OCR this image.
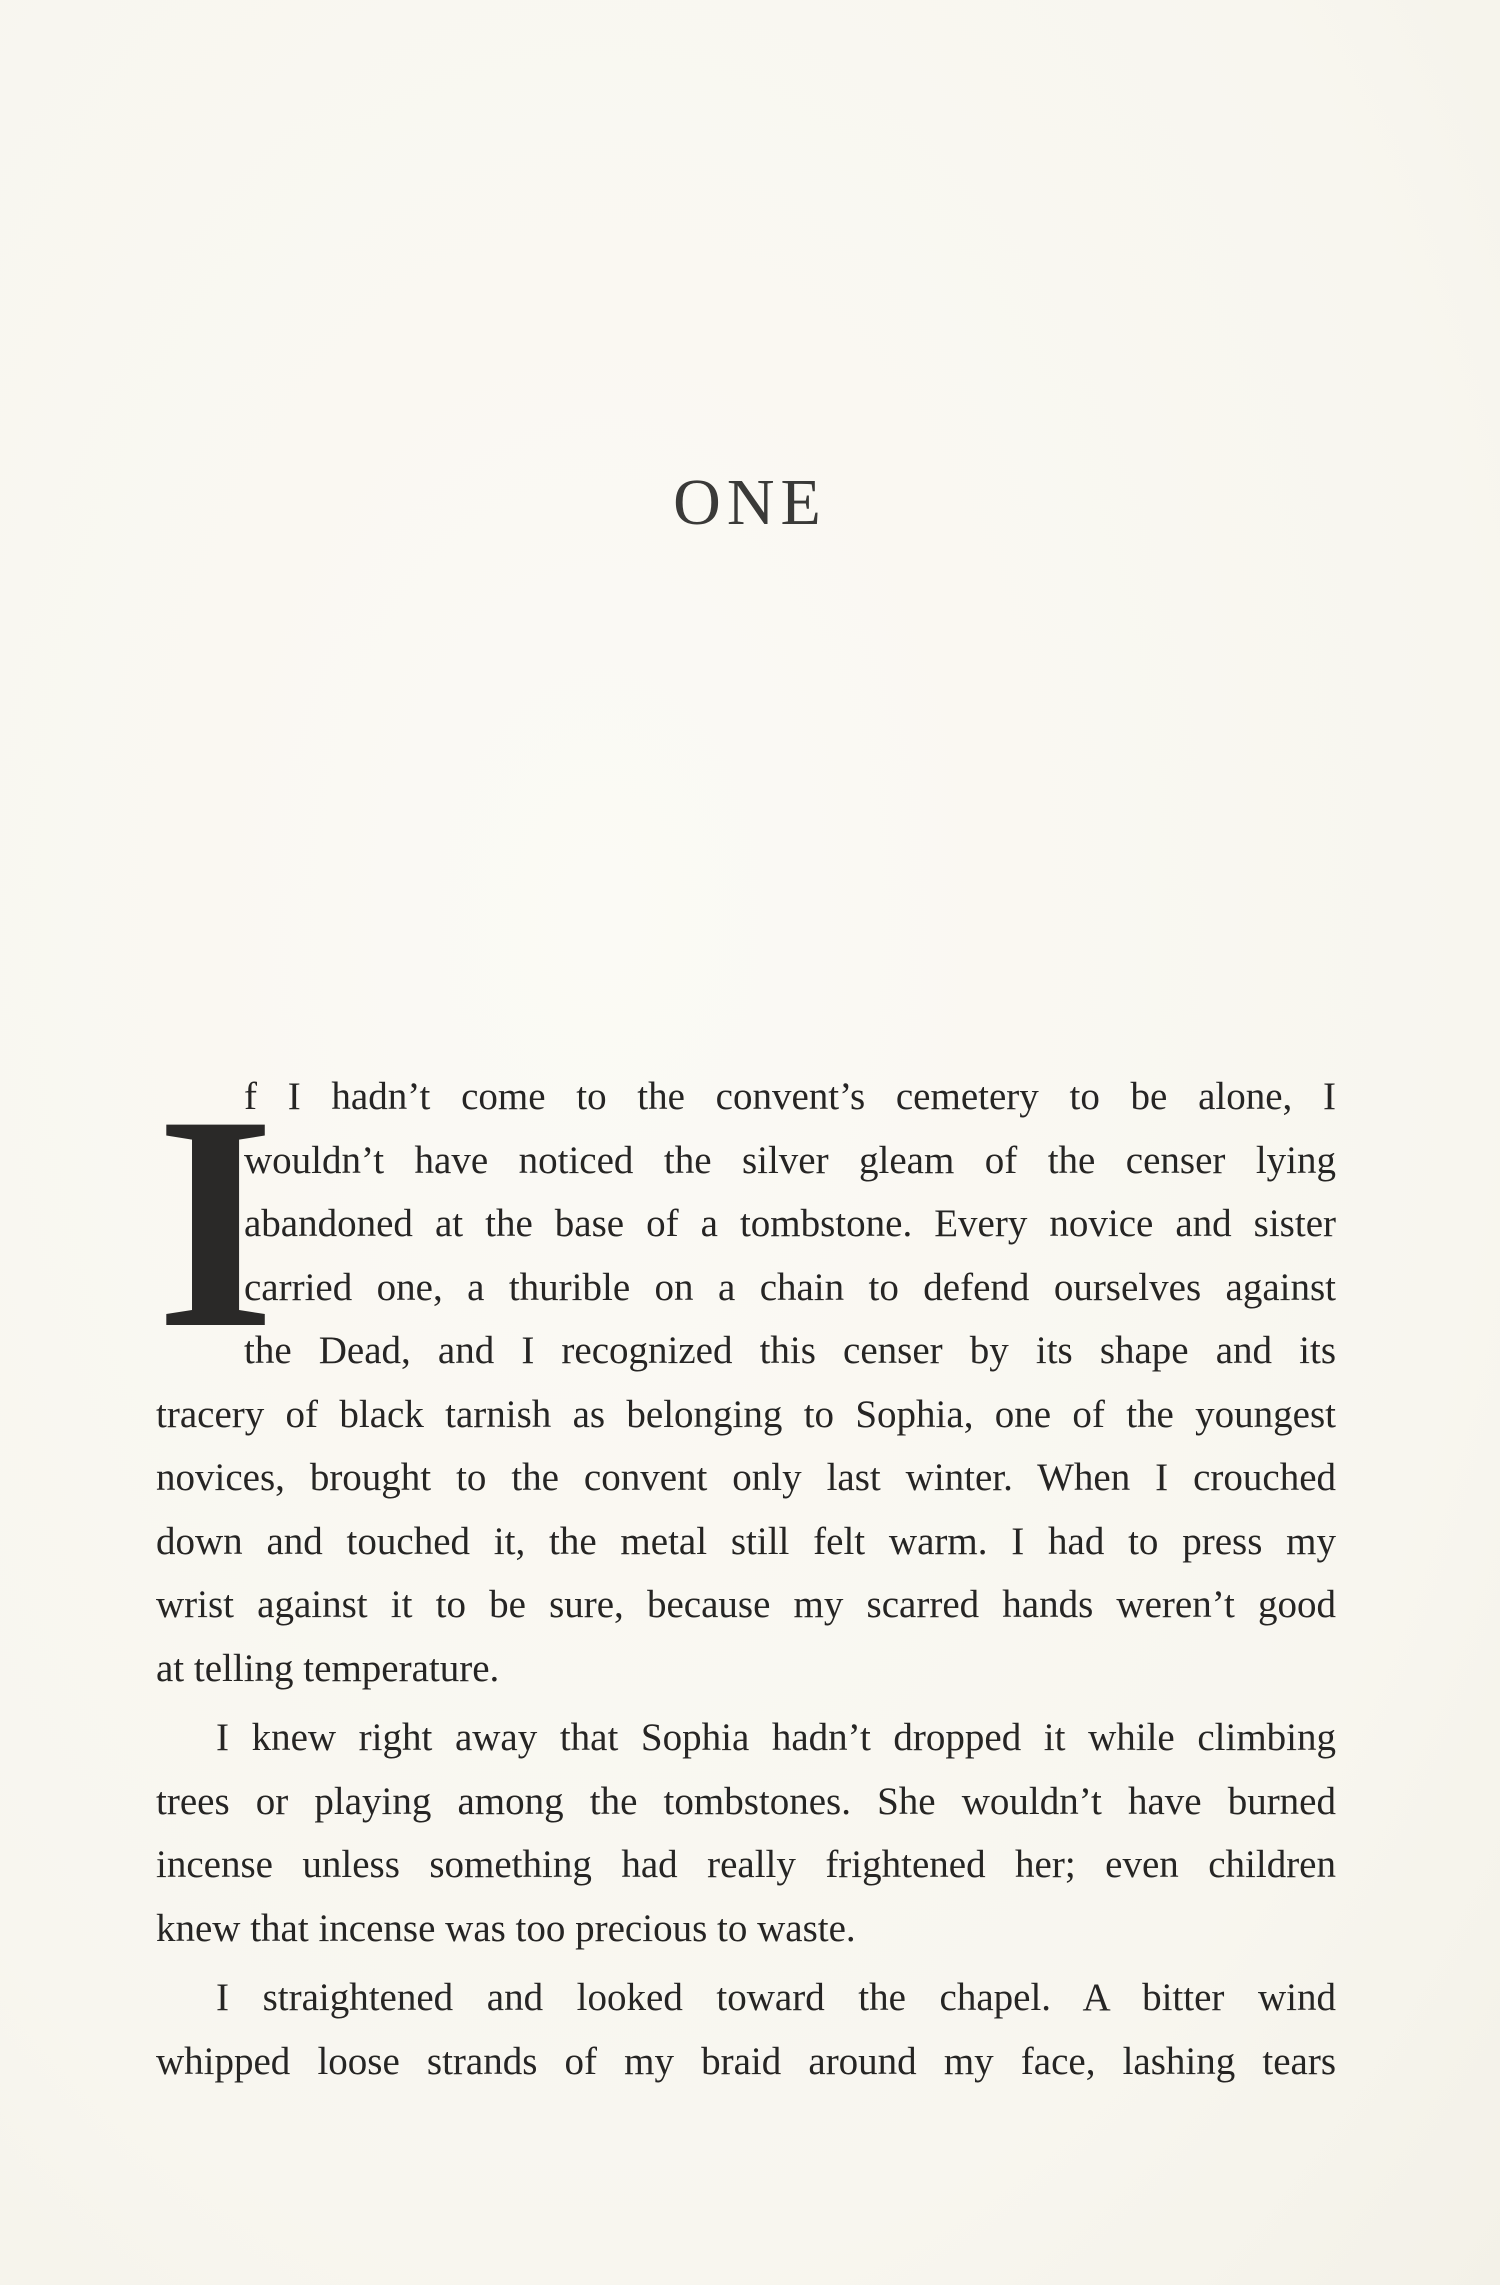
ONE
I
f I hadn’t come to the convent’s cemetery to be alone, I
wouldn’t have noticed the silver gleam of the censer lying
abandoned at the base of a tombstone. Every novice and sister
carried one, a thurible on a chain to defend ourselves against
the Dead, and I recognized this censer by its shape and its
tracery of black tarnish as belonging to Sophia, one of the youngest
novices, brought to the convent only last winter. When I crouched
down and touched it, the metal still felt warm. I had to press my
wrist against it to be sure, because my scarred hands weren’t good
at telling temperature.
I knew right away that Sophia hadn’t dropped it while climbing
trees or playing among the tombstones. She wouldn’t have burned
incense unless something had really frightened her; even children
knew that incense was too precious to waste.
I straightened and looked toward the chapel. A bitter wind
whipped loose strands of my braid around my face, lashing tears
